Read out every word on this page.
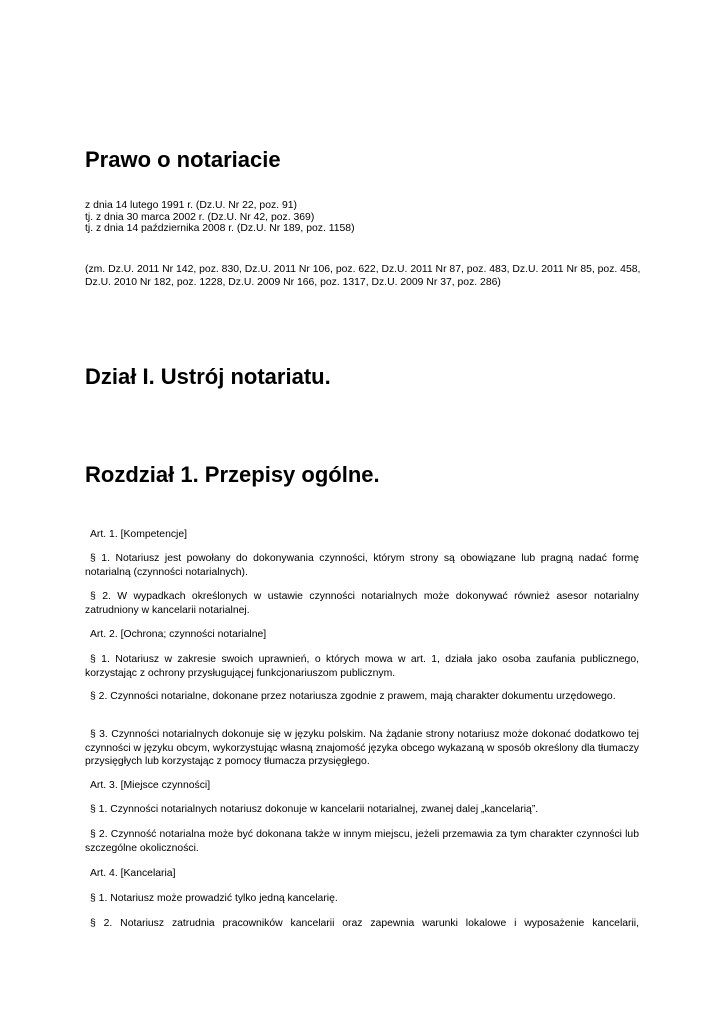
Prawo o notariacie
z dnia 14 lutego 1991 r. (Dz.U. Nr 22, poz. 91)
tj. z dnia 30 marca 2002 r. (Dz.U. Nr 42, poz. 369)
tj. z dnia 14 października 2008 r. (Dz.U. Nr 189, poz. 1158)
(zm. Dz.U. 2011 Nr 142, poz. 830, Dz.U. 2011 Nr 106, poz. 622, Dz.U. 2011 Nr 87, poz. 483, Dz.U. 2011 Nr 85, poz. 458, Dz.U. 2010 Nr 182, poz. 1228, Dz.U. 2009 Nr 166, poz. 1317, Dz.U. 2009 Nr 37, poz. 286)
Dział I. Ustrój notariatu.
Rozdział 1. Przepisy ogólne.
Art. 1. [Kompetencje]
§ 1. Notariusz jest powołany do dokonywania czynności, którym strony są obowiązane lub pragną nadać formę notarialną (czynności notarialnych).
§ 2. W wypadkach określonych w ustawie czynności notarialnych może dokonywać również asesor notarialny zatrudniony w kancelarii notarialnej.
Art. 2. [Ochrona; czynności notarialne]
§ 1. Notariusz w zakresie swoich uprawnień, o których mowa w art. 1, działa jako osoba zaufania publicznego, korzystając z ochrony przysługującej funkcjonariuszom publicznym.
§ 2. Czynności notarialne, dokonane przez notariusza zgodnie z prawem, mają charakter dokumentu urzędowego.
§ 3. Czynności notarialnych dokonuje się w języku polskim. Na żądanie strony notariusz może dokonać dodatkowo tej czynności w języku obcym, wykorzystując własną znajomość języka obcego wykazaną w sposób określony dla tłumaczy przysięgłych lub korzystając z pomocy tłumacza przysięgłego.
Art. 3. [Miejsce czynności]
§ 1. Czynności notarialnych notariusz dokonuje w kancelarii notarialnej, zwanej dalej „kancelarią”.
§ 2. Czynność notarialna może być dokonana także w innym miejscu, jeżeli przemawia za tym charakter czynności lub szczególne okoliczności.
Art. 4. [Kancelaria]
§ 1. Notariusz może prowadzić tylko jedną kancelarię.
§ 2. Notariusz zatrudnia pracowników kancelarii oraz zapewnia warunki lokalowe i wyposażenie kancelarii,
